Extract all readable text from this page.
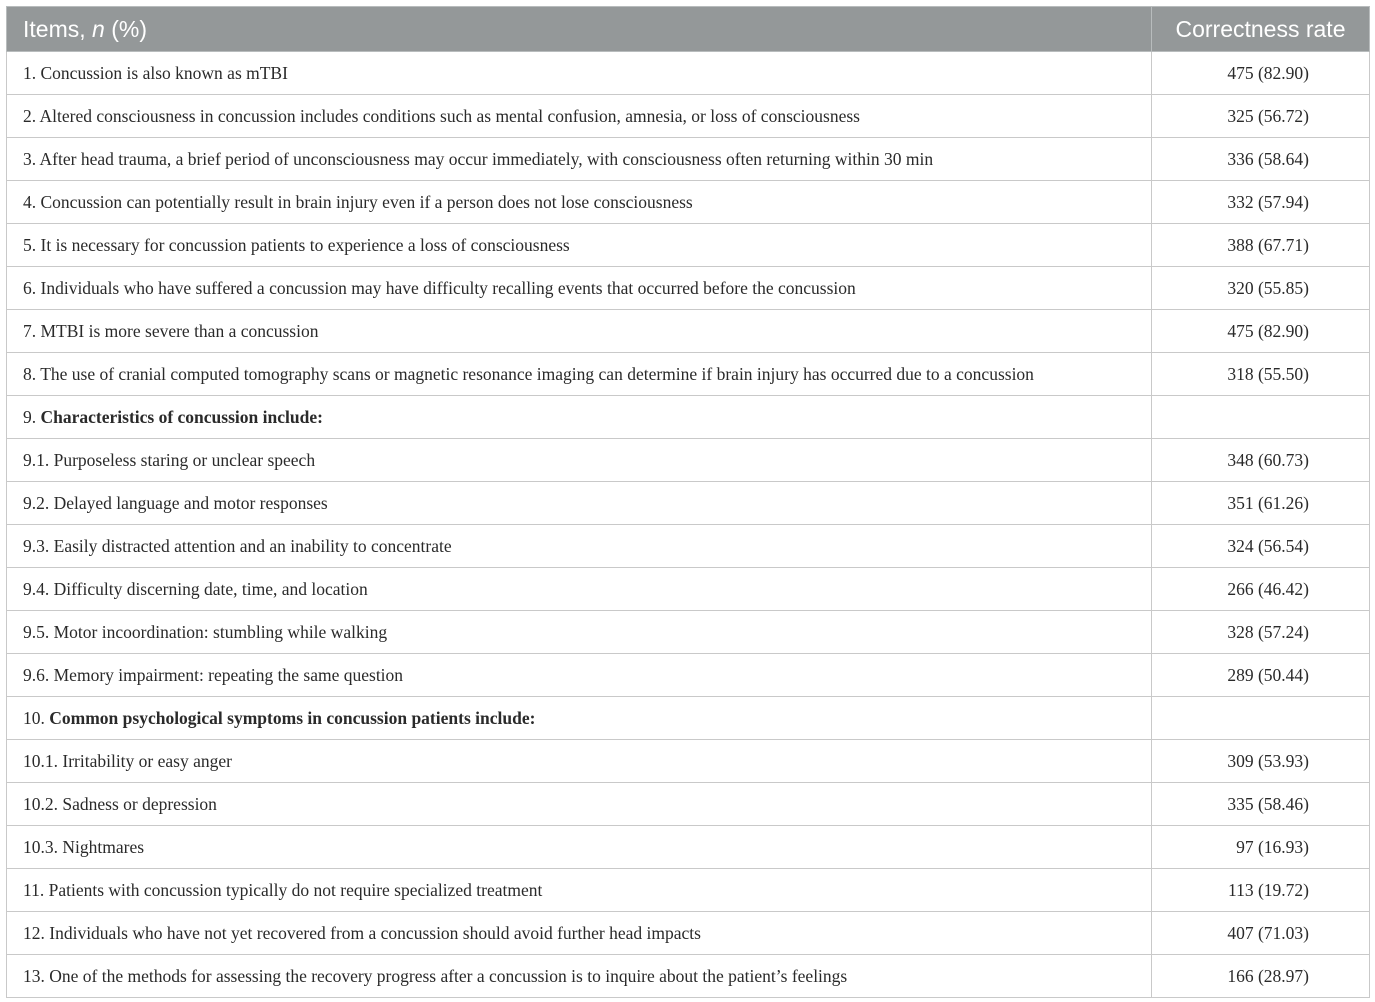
Items, n (%)	Correctness rate
1. Concussion is also known as mTBI	475 (82.90)
2. Altered consciousness in concussion includes conditions such as mental confusion, amnesia, or loss of consciousness	325 (56.72)
3. After head trauma, a brief period of unconsciousness may occur immediately, with consciousness often returning within 30 min	336 (58.64)
4. Concussion can potentially result in brain injury even if a person does not lose consciousness	332 (57.94)
5. It is necessary for concussion patients to experience a loss of consciousness	388 (67.71)
6. Individuals who have suffered a concussion may have difficulty recalling events that occurred before the concussion	320 (55.85)
7. MTBI is more severe than a concussion	475 (82.90)
8. The use of cranial computed tomography scans or magnetic resonance imaging can determine if brain injury has occurred due to a concussion	318 (55.50)
9. Characteristics of concussion include:	
9.1. Purposeless staring or unclear speech	348 (60.73)
9.2. Delayed language and motor responses	351 (61.26)
9.3. Easily distracted attention and an inability to concentrate	324 (56.54)
9.4. Difficulty discerning date, time, and location	266 (46.42)
9.5. Motor incoordination: stumbling while walking	328 (57.24)
9.6. Memory impairment: repeating the same question	289 (50.44)
10. Common psychological symptoms in concussion patients include:	
10.1. Irritability or easy anger	309 (53.93)
10.2. Sadness or depression	335 (58.46)
10.3. Nightmares	97 (16.93)
11. Patients with concussion typically do not require specialized treatment	113 (19.72)
12. Individuals who have not yet recovered from a concussion should avoid further head impacts	407 (71.03)
13. One of the methods for assessing the recovery progress after a concussion is to inquire about the patient’s feelings	166 (28.97)
